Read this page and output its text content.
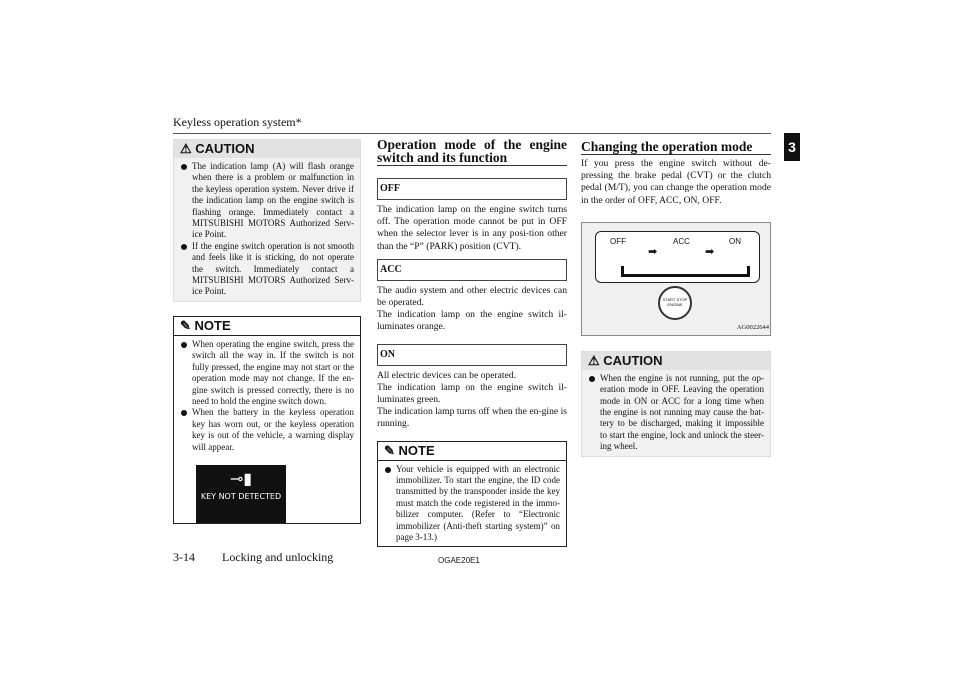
Keyless operation system*
3
⚠ CAUTION
The indication lamp (A) will flash orange when there is a problem or malfunction in the keyless operation system. Never drive if the indication lamp on the engine switch is flashing orange. Immediately contact a MITSUBISHI MOTORS Authorized Serv-ice Point.
If the engine switch operation is not smooth and feels like it is sticking, do not operate the switch. Immediately contact a MITSUBISHI MOTORS Authorized Serv-ice Point.
✎ NOTE
When operating the engine switch, press the switch all the way in. If the switch is not fully pressed, the engine may not start or the operation mode may not change. If the en-gine switch is pressed correctly, there is no need to hold the engine switch down.
When the battery in the keyless operation key has worn out, or the keyless operation key is out of the vehicle, a warning display will appear.
⊸▮
KEY NOT DETECTED
Operation mode of the engine switch and its function
OFF

The indication lamp on the engine switch turns off. The operation mode cannot be put in OFF when the selector lever is in any posi-tion other than the “P” (PARK) position (CVT).

ACC

The audio system and other electric devices can be operated.

The indication lamp on the engine switch il-luminates orange.

ON

All electric devices can be operated.

The indication lamp on the engine switch il-luminates green.

The indication lamp turns off when the en-gine is running.

✎ NOTE
Your vehicle is equipped with an electronic immobilizer. To start the engine, the ID code transmitted by the transponder inside the key must match the code registered in the immo-bilizer computer. (Refer to “Electronic immobilizer (Anti-theft starting system)” on page 3-13.)
Changing the operation mode

If you press the engine switch without de-pressing the brake pedal (CVT) or the clutch pedal (M/T), you can change the operation mode in the order of OFF, ACC, ON, OFF.

OFF	ACC	ON
➡	➡
START STOP ENGINE
AG0022644
⚠ CAUTION
When the engine is not running, put the op-eration mode in OFF. Leaving the operation mode in ON or ACC for a long time when the engine is not running may cause the bat-tery to be discharged, making it impossible to start the engine, lock and unlock the steer-ing wheel.
3-14 Locking and unlocking	OGAE20E1
